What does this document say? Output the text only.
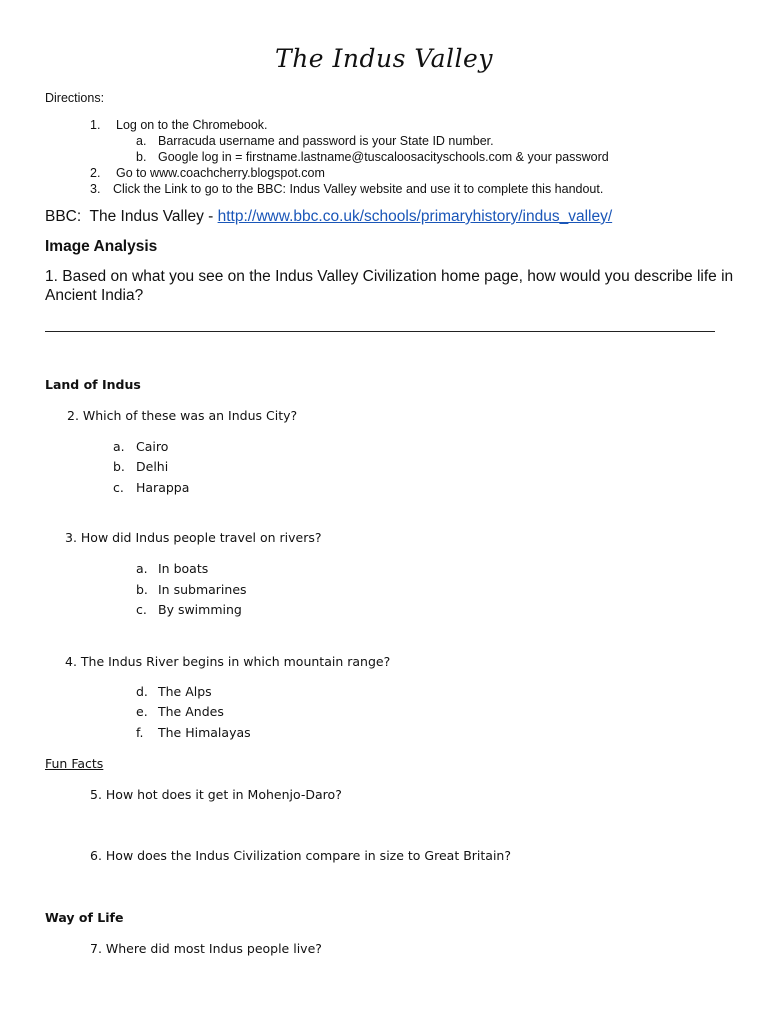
The Indus Valley
Directions:
1. Log on to the Chromebook.
a. Barracuda username and password is your State ID number.
b. Google log in = firstname.lastname@tuscaloosacityschools.com & your password
2. Go to www.coachcherry.blogspot.com
3. Click the Link to go to the BBC: Indus Valley website and use it to complete this handout.
BBC:  The Indus Valley - http://www.bbc.co.uk/schools/primaryhistory/indus_valley/
Image Analysis
1. Based on what you see on the Indus Valley Civilization home page, how would you describe life in
Ancient India?
Land of Indus
2. Which of these was an Indus City?
a. Cairo
b. Delhi
c. Harappa
3. How did Indus people travel on rivers?
a. In boats
b. In submarines
c. By swimming
4. The Indus River begins in which mountain range?
d. The Alps
e. The Andes
f. The Himalayas
Fun Facts
5. How hot does it get in Mohenjo-Daro?
6. How does the Indus Civilization compare in size to Great Britain?
Way of Life
7. Where did most Indus people live?
